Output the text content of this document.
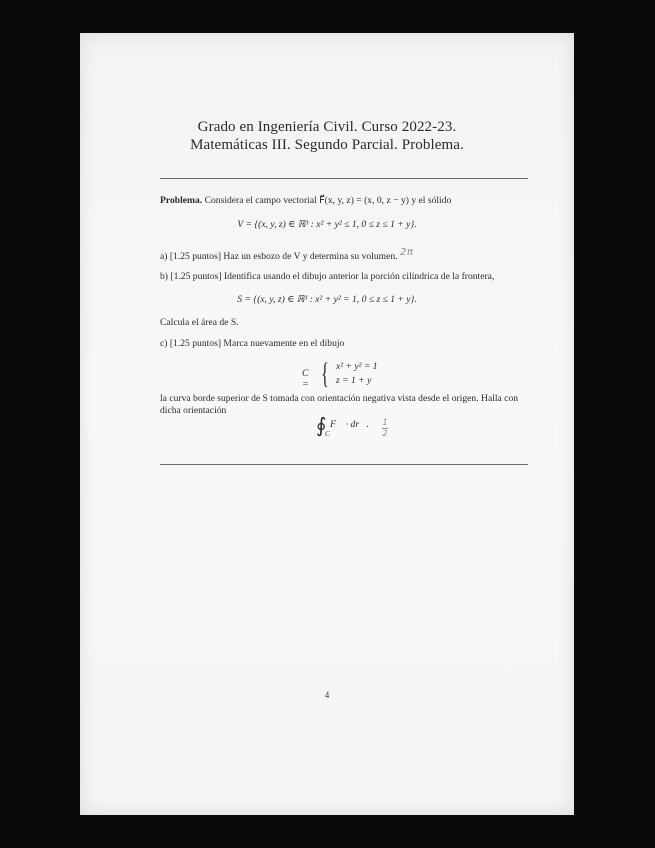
Grado en Ingeniería Civil. Curso 2022-23.
Matemáticas III. Segundo Parcial. Problema.
Problema. Considera el campo vectorial F⃗(x, y, z) = (x, 0, z − y) y el sólido
V = {(x, y, z) ∈ ℝ³ : x² + y² ≤ 1, 0 ≤ z ≤ 1 + y}.
a) [1.25 puntos] Haz un esbozo de V y determina su volumen. 2π
b) [1.25 puntos] Identifica usando el dibujo anterior la porción cilíndrica de la frontera,
S = {(x, y, z) ∈ ℝ³ : x² + y² = 1, 0 ≤ z ≤ 1 + y}.
Calcula el área de S.
c) [1.25 puntos] Marca nuevamente en el dibujo
C = { x² + y² = 1
z = 1 + y
la curva borde superior de S tomada con orientación negativa vista desde el origen. Halla con
dicha orientación
∮
C
F⃗ · dr⃗. 1
2
4
